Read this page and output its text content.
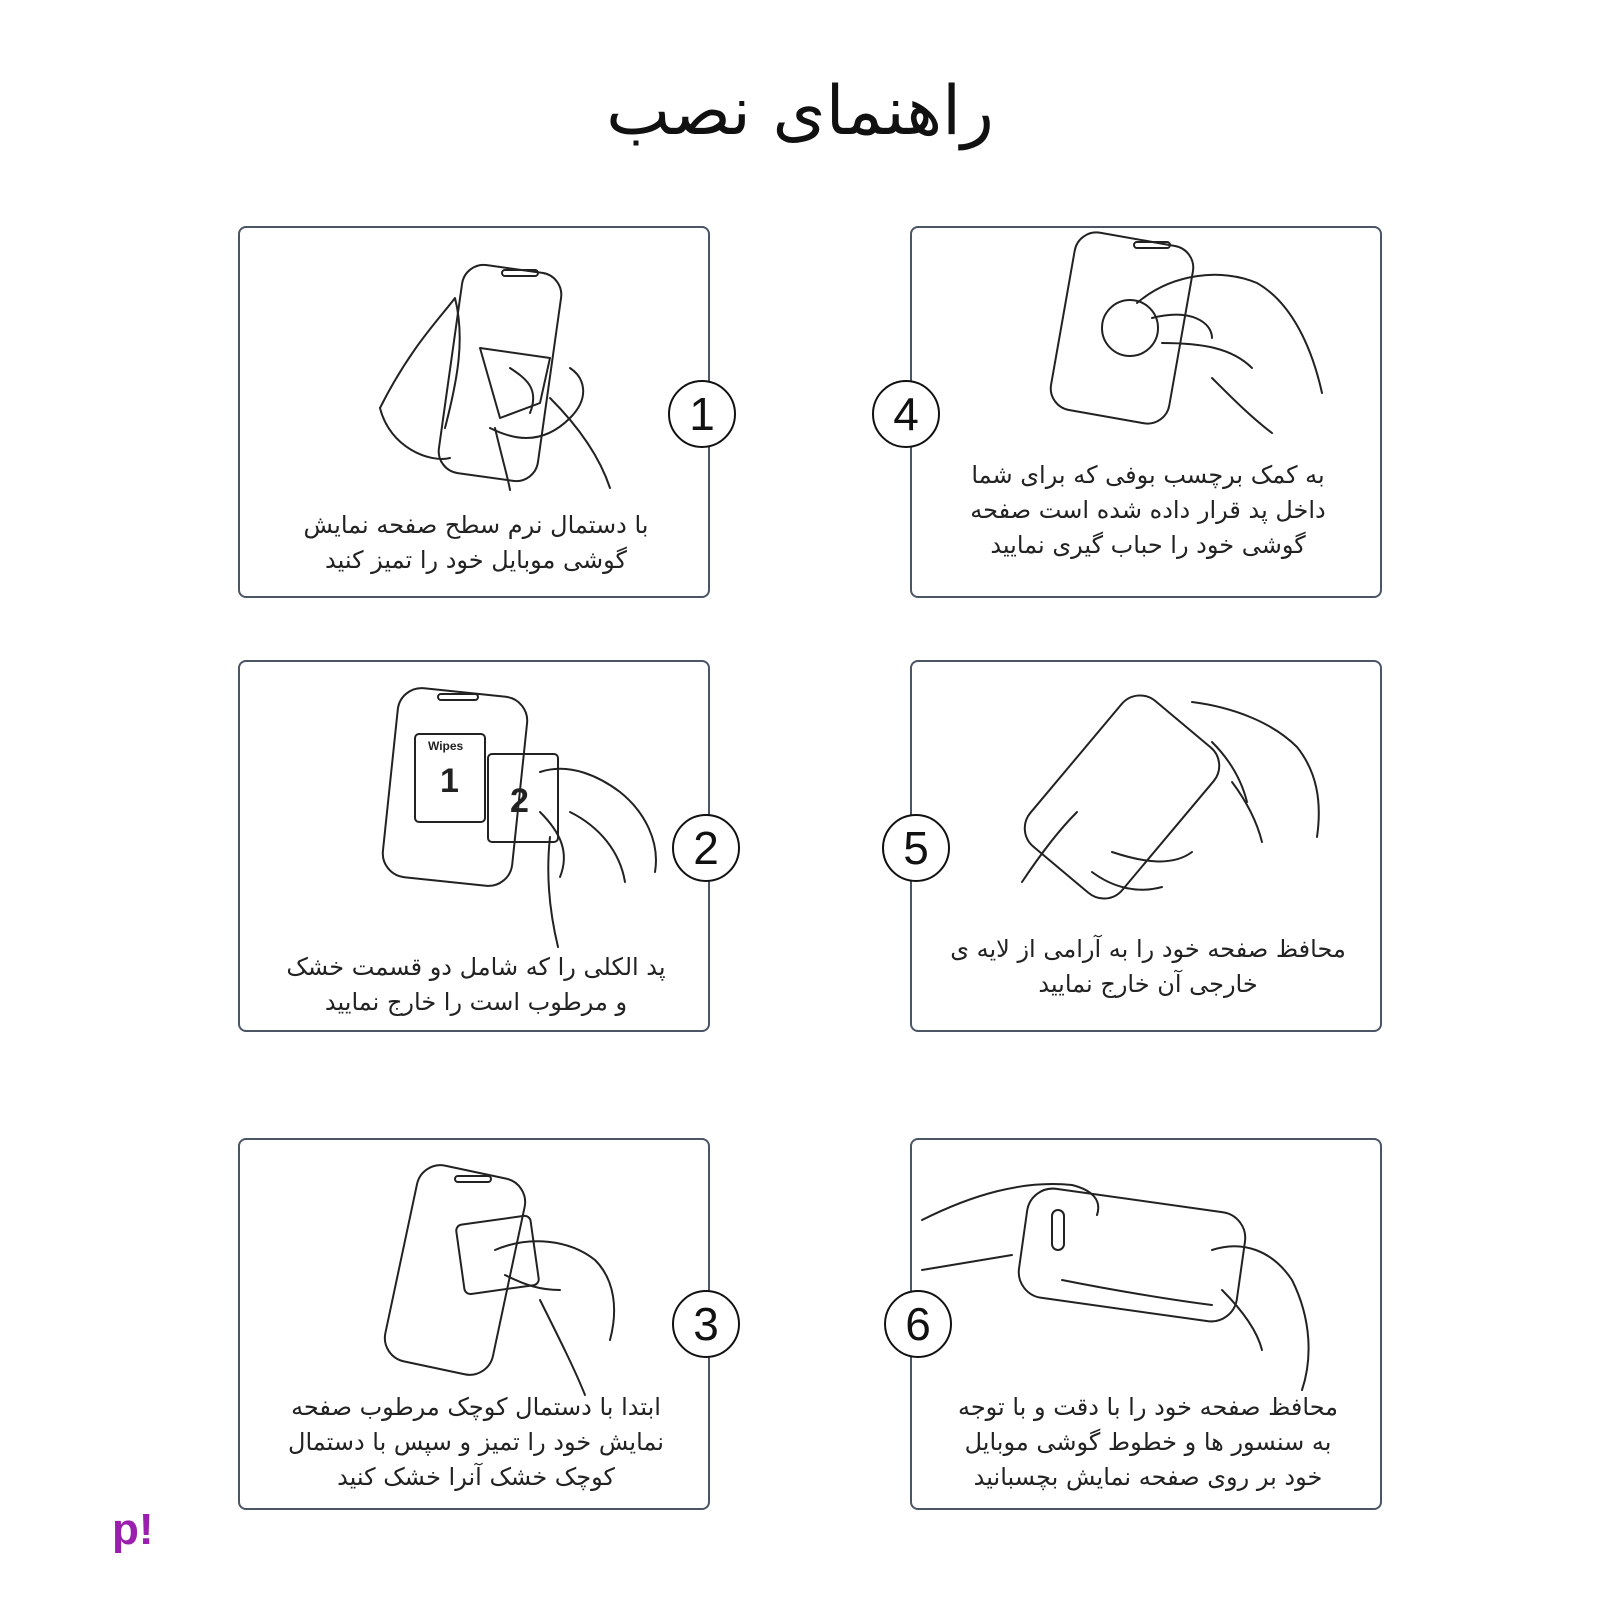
راهنمای نصب
1
با دستمال نرم سطح صفحه نمایش
گوشی موبایل خود را تمیز کنید
Wipes
1
2
2
پد الکلی را که شامل دو قسمت خشک
و مرطوب است را خارج نمایید
3
ابتدا با دستمال کوچک مرطوب صفحه
نمایش خود را تمیز و سپس با دستمال
کوچک خشک آنرا خشک کنید
4
به کمک برچسب بوفی که برای شما
داخل پد قرار داده شده است صفحه
گوشی خود را حباب گیری نمایید
5
محافظ صفحه خود را به آرامی از لایه ی
خارجی آن خارج نمایید
6
محافظ صفحه خود را با دقت و با توجه
به سنسور ها و خطوط گوشی موبایل
خود بر روی صفحه نمایش بچسبانید
p!
